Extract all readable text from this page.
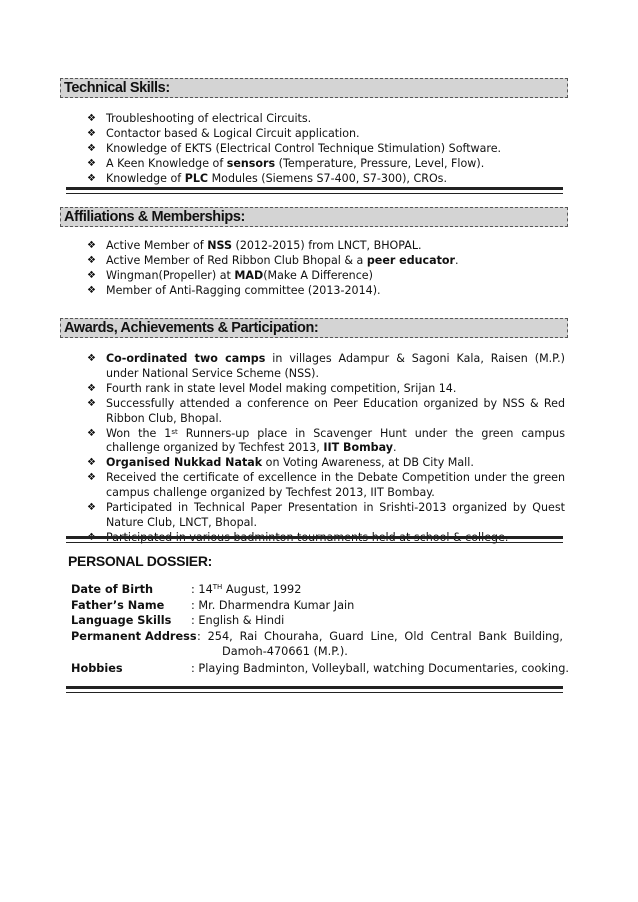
Technical Skills:
❖ Troubleshooting of electrical Circuits.
❖ Contactor based & Logical Circuit application.
❖ Knowledge of EKTS (Electrical Control Technique Stimulation) Software.
❖ A Keen Knowledge of sensors (Temperature, Pressure, Level, Flow).
❖ Knowledge of PLC Modules (Siemens S7-400, S7-300), CROs.
Affiliations & Memberships:
❖ Active Member of NSS (2012-2015) from LNCT, BHOPAL.
❖ Active Member of Red Ribbon Club Bhopal & a peer educator.
❖ Wingman(Propeller) at MAD(Make A Difference)
❖ Member of Anti-Ragging committee (2013-2014).
Awards, Achievements & Participation:
❖ Co-ordinated two camps in villages Adampur & Sagoni Kala, Raisen (M.P.) under National Service Scheme (NSS).
❖ Fourth rank in state level Model making competition, Srijan 14.
❖ Successfully attended a conference on Peer Education organized by NSS & Red Ribbon Club, Bhopal.
❖ Won the 1st Runners-up place in Scavenger Hunt under the green campus challenge organized by Techfest 2013, IIT Bombay.
❖ Organised Nukkad Natak on Voting Awareness, at DB City Mall.
❖ Received the certificate of excellence in the Debate Competition under the green campus challenge organized by Techfest 2013, IIT Bombay.
❖ Participated in Technical Paper Presentation in Srishti-2013 organized by Quest Nature Club, LNCT, Bhopal.
❖ Participated in various badminton tournaments held at school & college.
PERSONAL DOSSIER:
Date of Birth	: 14TH August, 1992
Father’s Name : Mr. Dharmendra Kumar Jain
Language Skills : English & Hindi
Permanent Address : 254, Rai Chouraha, Guard Line, Old Central Bank Building,
Damoh-470661 (M.P.).
Hobbies	: Playing Badminton, Volleyball, watching Documentaries, cooking.
